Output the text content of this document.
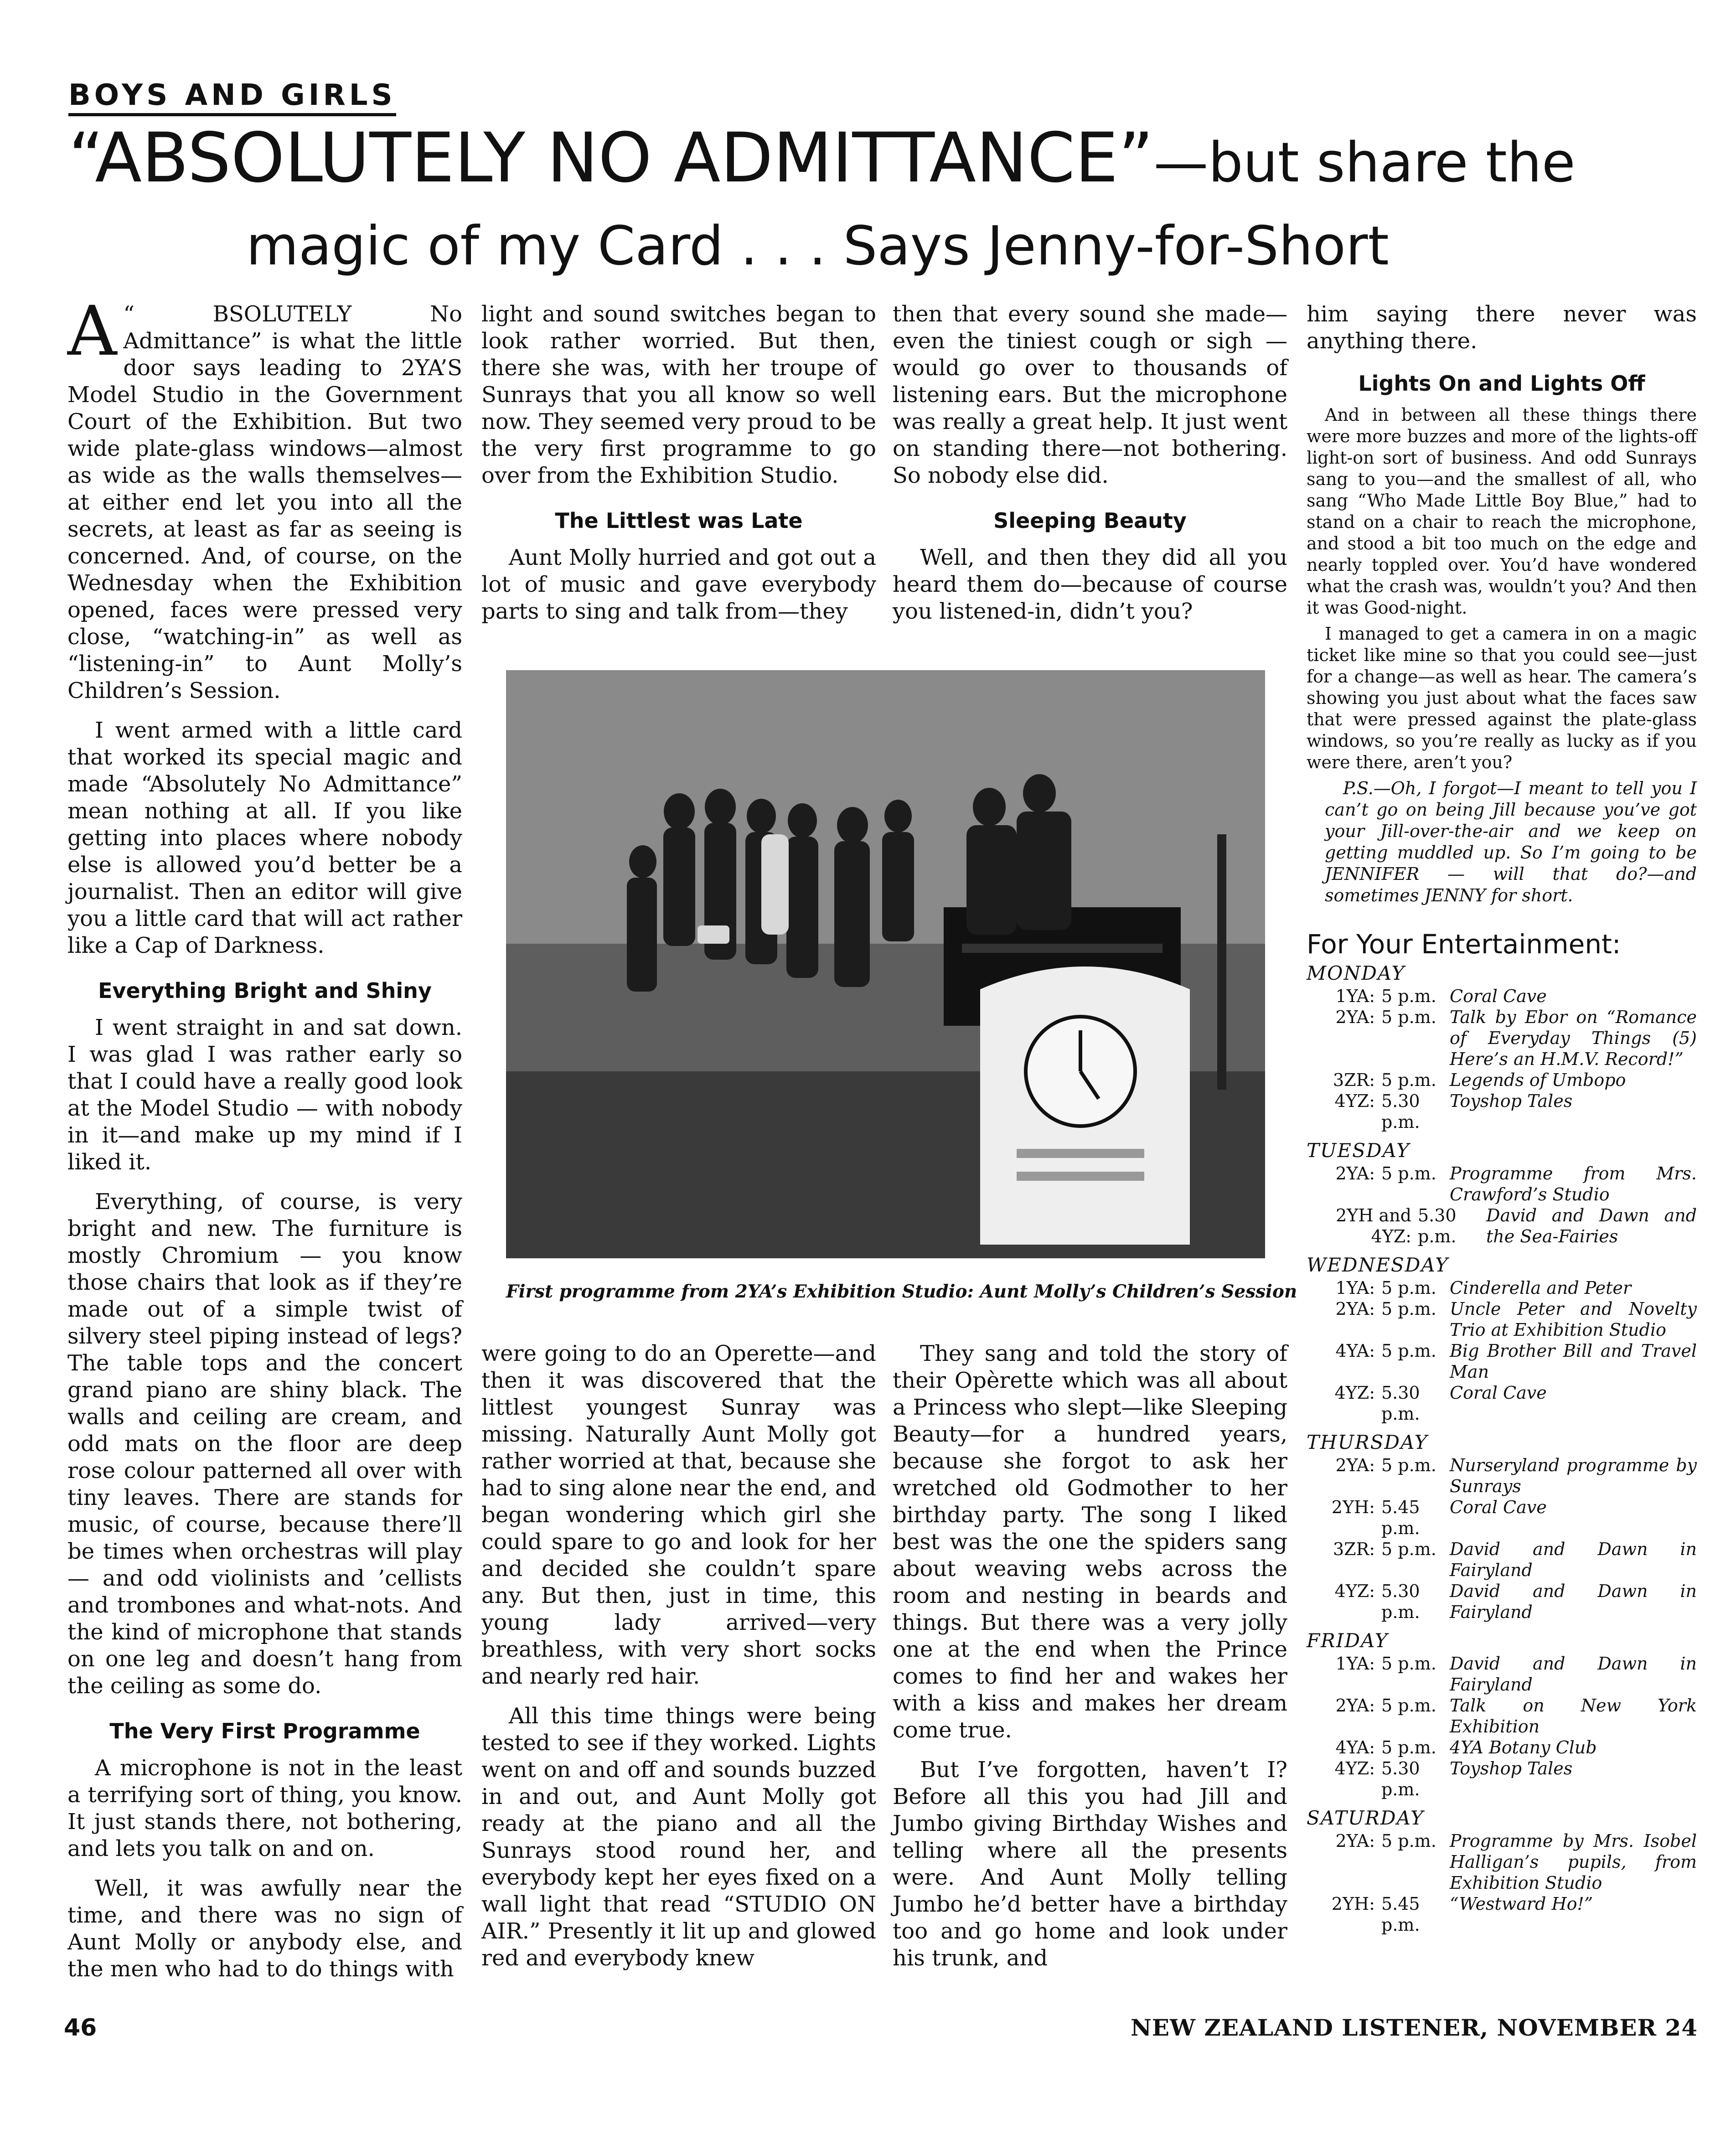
BOYS AND GIRLS
“ABSOLUTELY NO ADMITTANCE”—but share the
magic of my Card . . . Says Jenny-for-Short

A “ BSOLUTELY No Admittance” is what the little door says leading to 2YA’S Model Studio in the Government Court of the Exhibition. But two wide plate-glass windows—almost as wide as the walls themselves—at either end let you into all the secrets, at least as far as seeing is concerned. And, of course, on the Wednesday when the Exhibition opened, faces were pressed very close, “watching-in” as well as “listening-in” to Aunt Molly’s Children’s Session.

I went armed with a little card that worked its special magic and made “Absolutely No Admittance” mean nothing at all. If you like getting into places where nobody else is allowed you’d better be a journalist. Then an editor will give you a little card that will act rather like a Cap of Darkness.

Everything Bright and Shiny

I went straight in and sat down. I was glad I was rather early so that I could have a really good look at the Model Studio — with nobody in it—and make up my mind if I liked it.

Everything, of course, is very bright and new. The furniture is mostly Chromium — you know those chairs that look as if they’re made out of a simple twist of silvery steel piping instead of legs? The table tops and the concert grand piano are shiny black. The walls and ceiling are cream, and odd mats on the floor are deep rose colour patterned all over with tiny leaves. There are stands for music, of course, because there’ll be times when orchestras will play — and odd violinists and ’cellists and trombones and what-nots. And the kind of microphone that stands on one leg and doesn’t hang from the ceiling as some do.

The Very First Programme

A microphone is not in the least a terrifying sort of thing, you know. It just stands there, not bothering, and lets you talk on and on.

Well, it was awfully near the time, and there was no sign of Aunt Molly or anybody else, and the men who had to do things with

light and sound switches began to look rather worried. But then, there she was, with her troupe of Sunrays that you all know so well now. They seemed very proud to be the very first programme to go over from the Exhibition Studio.

The Littlest was Late

Aunt Molly hurried and got out a lot of music and gave everybody parts to sing and talk from—they

then that every sound she made—even the tiniest cough or sigh — would go over to thousands of listening ears. But the microphone was really a great help. It just went on standing there—not bothering. So nobody else did.

Sleeping Beauty

Well, and then they did all you heard them do—because of course you listened-in, didn’t you?

First programme from 2YA’s Exhibition Studio: Aunt Molly’s Children’s Session

were going to do an Operette—and then it was discovered that the littlest youngest Sunray was missing. Naturally Aunt Molly got rather worried at that, because she had to sing alone near the end, and began wondering which girl she could spare to go and look for her and decided she couldn’t spare any. But then, just in time, this young lady arrived—very breathless, with very short socks and nearly red hair.

All this time things were being tested to see if they worked. Lights went on and off and sounds buzzed in and out, and Aunt Molly got ready at the piano and all the Sunrays stood round her, and everybody kept her eyes fixed on a wall light that read “STUDIO ON AIR.” Presently it lit up and glowed red and everybody knew

They sang and told the story of their Opèrette which was all about a Princess who slept—like Sleeping Beauty—for a hundred years, because she forgot to ask her wretched old Godmother to her birthday party. The song I liked best was the one the spiders sang about weaving webs across the room and nesting in beards and things. But there was a very jolly one at the end when the Prince comes to find her and wakes her with a kiss and makes her dream come true.

But I’ve forgotten, haven’t I? Before all this you had Jill and Jumbo giving Birthday Wishes and telling where all the presents were. And Aunt Molly telling Jumbo he’d better have a birthday too and go home and look under his trunk, and

him saying there never was anything there.

Lights On and Lights Off

And in between all these things there were more buzzes and more of the lights-off light-on sort of business. And odd Sunrays sang to you—and the smallest of all, who sang “Who Made Little Boy Blue,” had to stand on a chair to reach the microphone, and stood a bit too much on the edge and nearly toppled over. You’d have wondered what the crash was, wouldn’t you? And then it was Good-night.

I managed to get a camera in on a magic ticket like mine so that you could see—just for a change—as well as hear. The camera’s showing you just about what the faces saw that were pressed against the plate-glass windows, so you’re really as lucky as if you were there, aren’t you?

P.S.—Oh, I forgot—I meant to tell you I can’t go on being Jill because you’ve got your Jill-over-the-air and we keep on getting muddled up. So I’m going to be JENNIFER — will that do?—and sometimes JENNY for short.

For Your Entertainment:
MONDAY
1YA: 5 p.m. Coral Cave
2YA: 5 p.m. Talk by Ebor on “Romance of Everyday Things (5) Here’s an H.M.V. Record!”
3ZR: 5 p.m. Legends of Umbopo
4YZ: 5.30 p.m.
Toyshop Tales
TUESDAY
2YA: 5 p.m. Programme from Mrs. Crawford’s Studio
2YH and 4YZ:
5.30 p.m.
David and Dawn and the Sea-Fairies
WEDNESDAY
1YA: 5 p.m. Cinderella and Peter
2YA: 5 p.m. Uncle Peter and Novelty Trio at Exhibition Studio
4YA: 5 p.m. Big Brother Bill and Travel Man
4YZ: 5.30 p.m.
Coral Cave
THURSDAY
2YA: 5 p.m. Nurseryland programme by Sunrays
2YH: 5.45 p.m.
Coral Cave
3ZR: 5 p.m. David and Dawn in Fairyland
4YZ: 5.30 p.m.
David and Dawn in Fairyland
FRIDAY
1YA: 5 p.m. David and Dawn in Fairyland
2YA: 5 p.m. Talk on New York Exhibition
4YA: 5 p.m. 4YA Botany Club
4YZ: 5.30 p.m.
Toyshop Tales
SATURDAY
2YA: 5 p.m. Programme by Mrs. Isobel Halligan’s pupils, from Exhibition Studio
2YH: 5.45 p.m.
“Westward Ho!”
46	NEW ZEALAND LISTENER, NOVEMBER 24
